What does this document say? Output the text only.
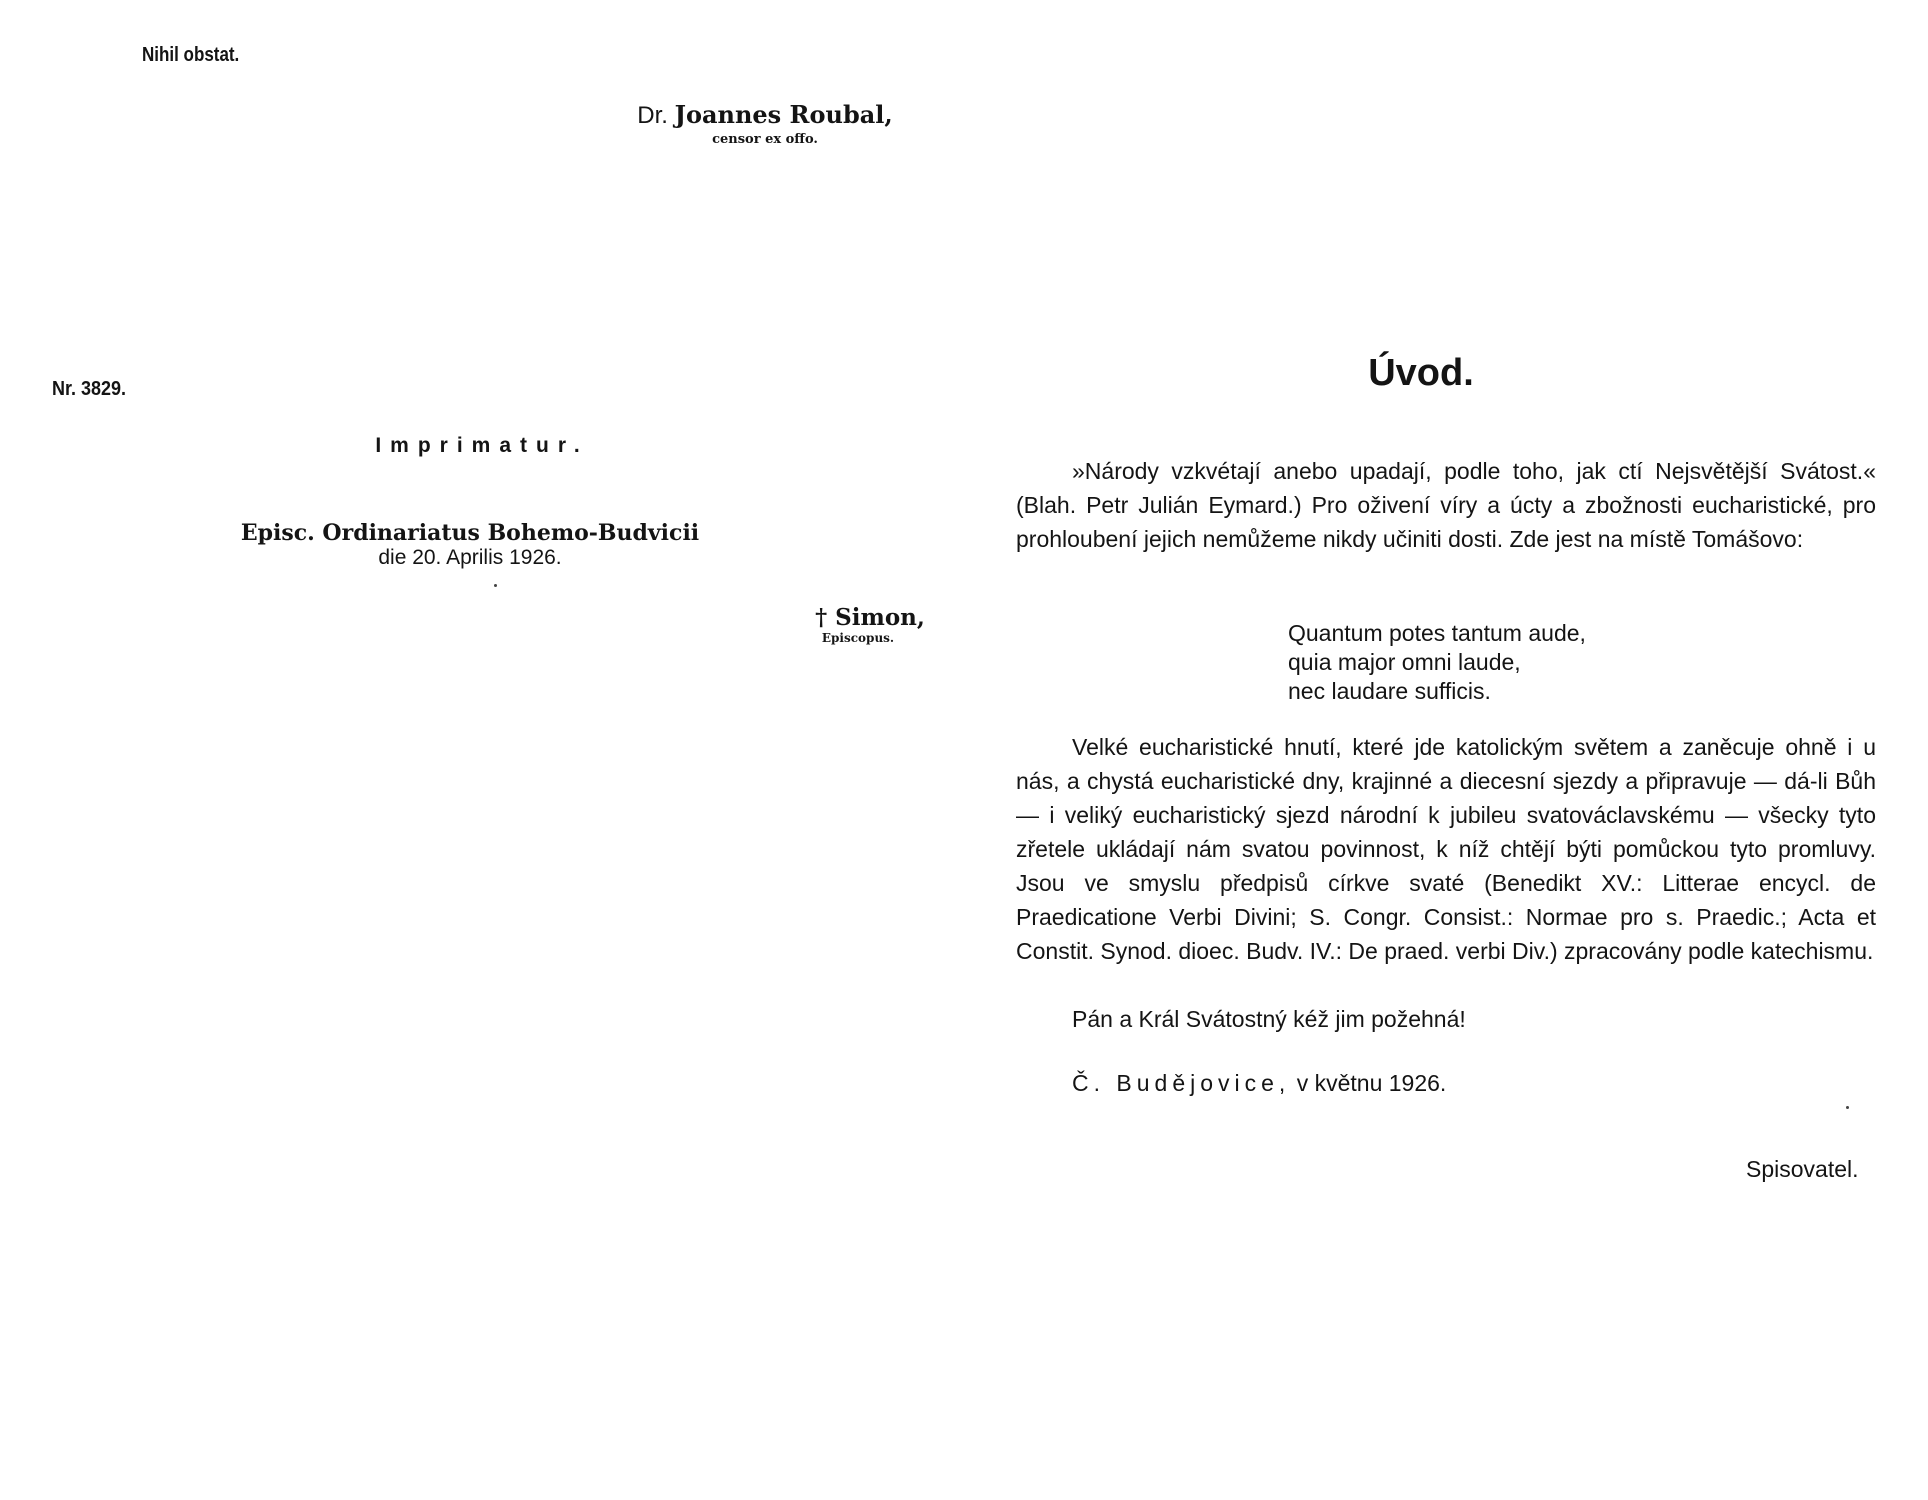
Nihil obstat.
Dr. Joannes Roubal,
censor ex offo.
Nr. 3829.
Imprimatur.
Episc. Ordinariatus Bohemo-Budvicii
die 20. Aprilis 1926.
† Simon,
Episcopus.
Úvod.

»Národy vzkvétají anebo upadají, podle toho, jak ctí Nejsvětější Svátost.« (Blah. Petr Julián Eymard.) Pro oživení víry a úcty a zbožnosti eucharistické, pro prohloubení jejich nemůžeme nikdy učiniti dosti. Zde jest na místě Tomášovo:

Quantum potes tantum aude,
quia major omni laude,
nec laudare sufficis.

Velké eucharistické hnutí, které jde katolickým světem a zaněcuje ohně i u nás, a chystá eucharistické dny, krajinné a diecesní sjezdy a připravuje — dá-li Bůh — i veliký eucharistický sjezd národní k jubileu svatováclavskému — všecky tyto zřetele ukládají nám svatou povinnost, k níž chtějí býti pomůckou tyto promluvy. Jsou ve smyslu předpisů církve svaté (Benedikt XV.: Litterae encycl. de Praedicatione Verbi Divini; S. Congr. Consist.: Normae pro s. Praedic.; Acta et Constit. Synod. dioec. Budv. IV.: De praed. verbi Div.) zpracovány podle katechismu.

Pán a Král Svátostný kéž jim požehná!
Č. Budějovice, v květnu 1926.
Spisovatel.
